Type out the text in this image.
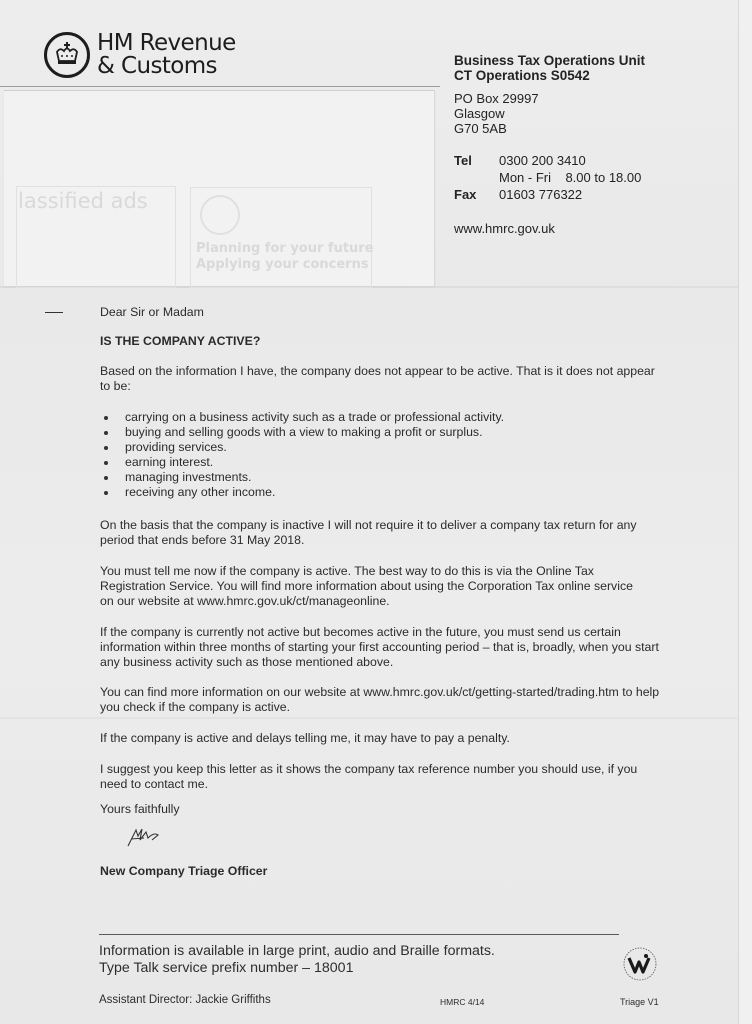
HM Revenue
& Customs
lassified ads
Planning for your future
Applying your concerns
Business Tax Operations Unit
CT Operations S0542
PO Box 29997
Glasgow
G70 5AB
Tel 0300 200 3410
Mon - Fri    8.00 to 18.00
Fax 01603 776322
www.hmrc.gov.uk
Dear Sir or Madam
IS THE COMPANY ACTIVE?
Based on the information I have, the company does not appear to be active. That is it does not appear to be:
carrying on a business activity such as a trade or professional activity.
buying and selling goods with a view to making a profit or surplus.
providing services.
earning interest.
managing investments.
receiving any other income.
On the basis that the company is inactive I will not require it to deliver a company tax return for any period that ends before 31 May 2018.
You must tell me now if the company is active. The best way to do this is via the Online Tax Registration Service. You will find more information about using the Corporation Tax online service on our website at www.hmrc.gov.uk/ct/manageonline.
If the company is currently not active but becomes active in the future, you must send us certain information within three months of starting your first accounting period – that is, broadly, when you start any business activity such as those mentioned above.
You can find more information on our website at www.hmrc.gov.uk/ct/getting-started/trading.htm to help you check if the company is active.
If the company is active and delays telling me, it may have to pay a penalty.
I suggest you keep this letter as it shows the company tax reference number you should use, if you need to contact me.
Yours faithfully
New Company Triage Officer
Information is available in large print, audio and Braille formats.
Type Talk service prefix number – 18001
Assistant Director: Jackie Griffiths	HMRC 4/14	Triage V1
